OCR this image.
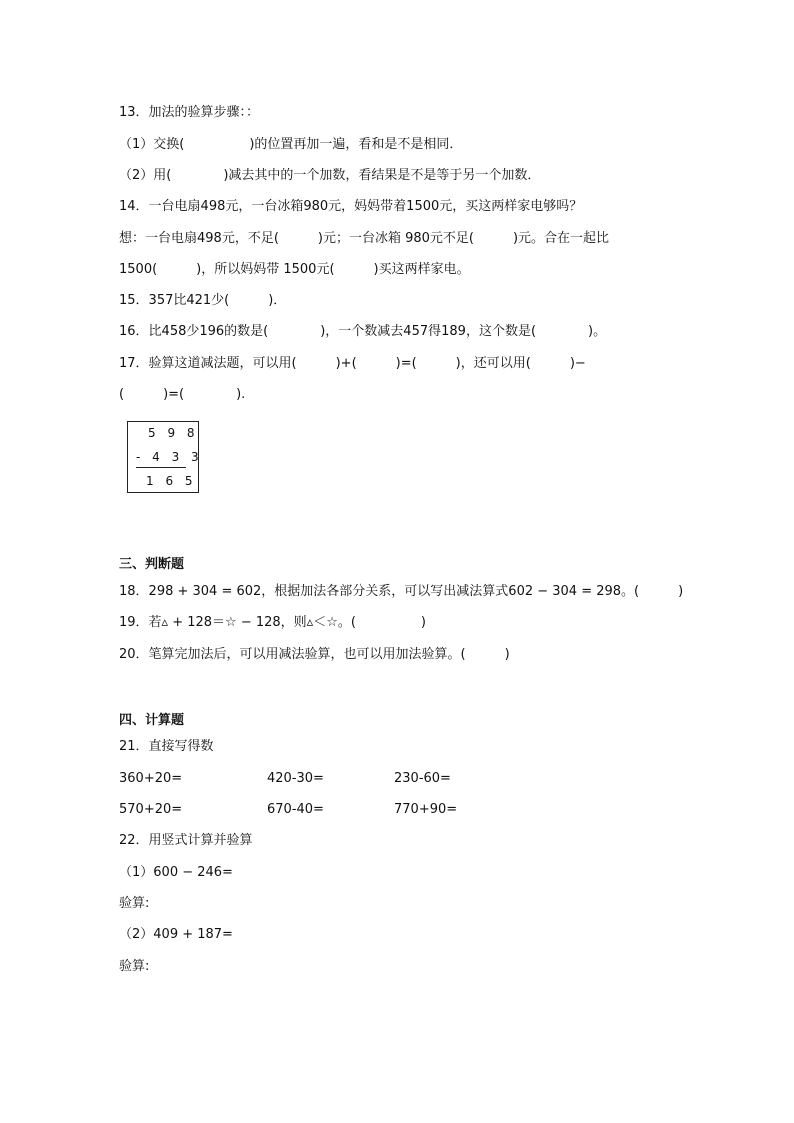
13．加法的验算步骤：：
（1）交换(　　　　　)的位置再加一遍，看和是不是相同．
（2）用(　　　　)减去其中的一个加数，看结果是不是等于另一个加数．
14．一台电扇498元，一台冰箱980元，妈妈带着1500元，买这两样家电够吗？
想：一台电扇498元，不足(　　　)元；一台冰箱 980元不足(　　　)元。合在一起比
1500(　　　)，所以妈妈带 1500元(　　　)买这两样家电。
15．357比421少(　　　)．
16．比458少196的数是(　　　　)，一个数减去457得189，这个数是(　　　　)。
17．验算这道减法题，可以用(　　　)+(　　　)=(　　　)，还可以用(　　　)−
(　　　)=(　　　　).
5 9 8
- 4 3 3
1 6 5
三、判断题
18．298 + 304 = 602，根据加法各部分关系，可以写出减法算式602 − 304 = 298。(　　　)
19．若▵ + 128＝☆ − 128，则▵＜☆。(　　　　　)
20．笔算完加法后，可以用减法验算，也可以用加法验算。(　　　)
四、计算题
21．直接写得数
360+20=	420-30=	230-60=
570+20=	670-40=	770+90=
22．用竖式计算并验算
（1）600 − 246=
验算:
（2）409 + 187=
验算:
